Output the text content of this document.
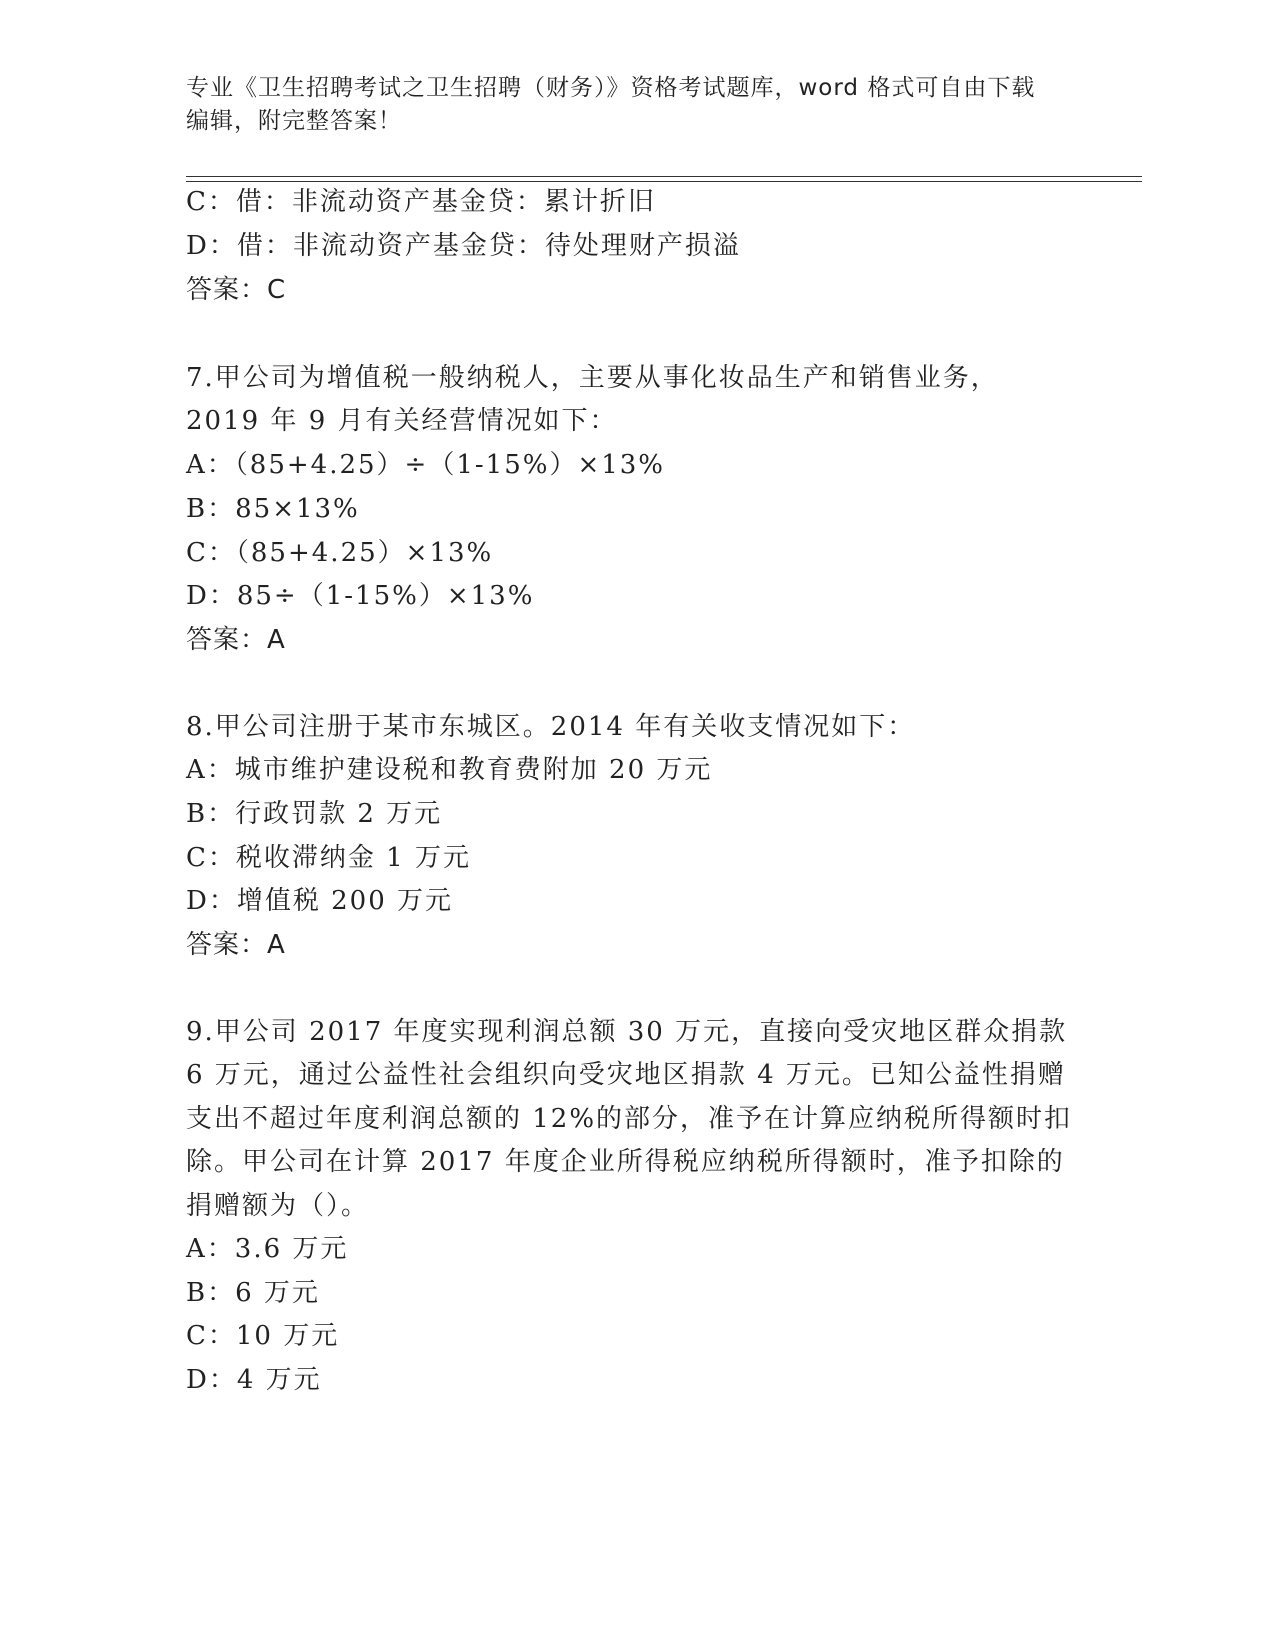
专业《卫生招聘考试之卫生招聘（财务）》资格考试题库，word 格式可自由下载
编辑，附完整答案！
C：借：非流动资产基金贷：累计折旧
D：借：非流动资产基金贷：待处理财产损溢
答案：C
7.甲公司为增值税一般纳税人，主要从事化妆品生产和销售业务，
2019 年 9 月有关经营情况如下：
A：（85+4.25）÷（1-15%）×13%
B：85×13%
C：（85+4.25）×13%
D：85÷（1-15%）×13%
答案：A
8.甲公司注册于某市东城区。2014 年有关收支情况如下：
A：城市维护建设税和教育费附加 20 万元
B：行政罚款 2 万元
C：税收滞纳金 1 万元
D：增值税 200 万元
答案：A
9.甲公司 2017 年度实现利润总额 30 万元，直接向受灾地区群众捐款
6 万元，通过公益性社会组织向受灾地区捐款 4 万元。已知公益性捐赠
支出不超过年度利润总额的 12%的部分，准予在计算应纳税所得额时扣
除。甲公司在计算 2017 年度企业所得税应纳税所得额时，准予扣除的
捐赠额为（）。
A：3.6 万元
B：6 万元
C：10 万元
D：4 万元
